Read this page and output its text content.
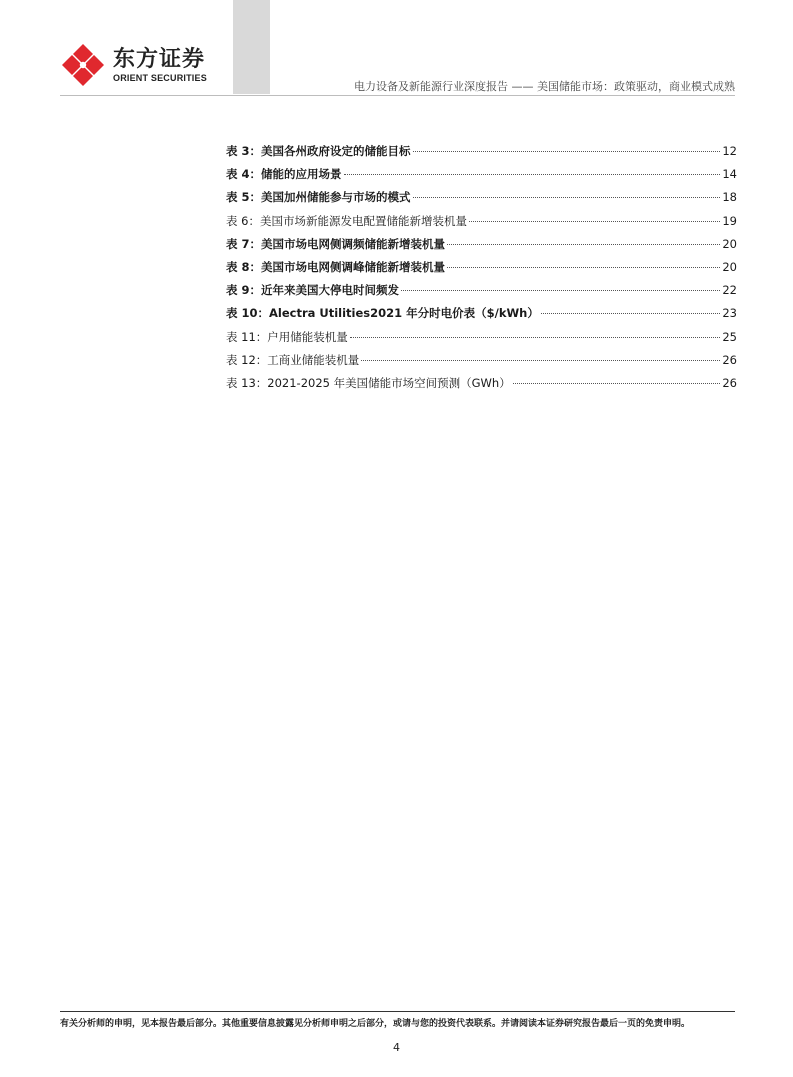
东方证券
ORIENT SECURITIES
电力设备及新能源行业深度报告 —— 美国储能市场：政策驱动，商业模式成熟
表 3：美国各州政府设定的储能目标	12
表 4：储能的应用场景	14
表 5：美国加州储能参与市场的模式	18
表 6：美国市场新能源发电配置储能新增装机量	19
表 7：美国市场电网侧调频储能新增装机量	20
表 8：美国市场电网侧调峰储能新增装机量	20
表 9：近年来美国大停电时间频发	22
表 10：Alectra Utilities2021 年分时电价表（$/kWh）	23
表 11：户用储能装机量	25
表 12：工商业储能装机量	26
表 13：2021-2025 年美国储能市场空间预测（GWh）	26
有关分析师的申明，见本报告最后部分。其他重要信息披露见分析师申明之后部分，或请与您的投资代表联系。并请阅读本证券研究报告最后一页的免责申明。
4
